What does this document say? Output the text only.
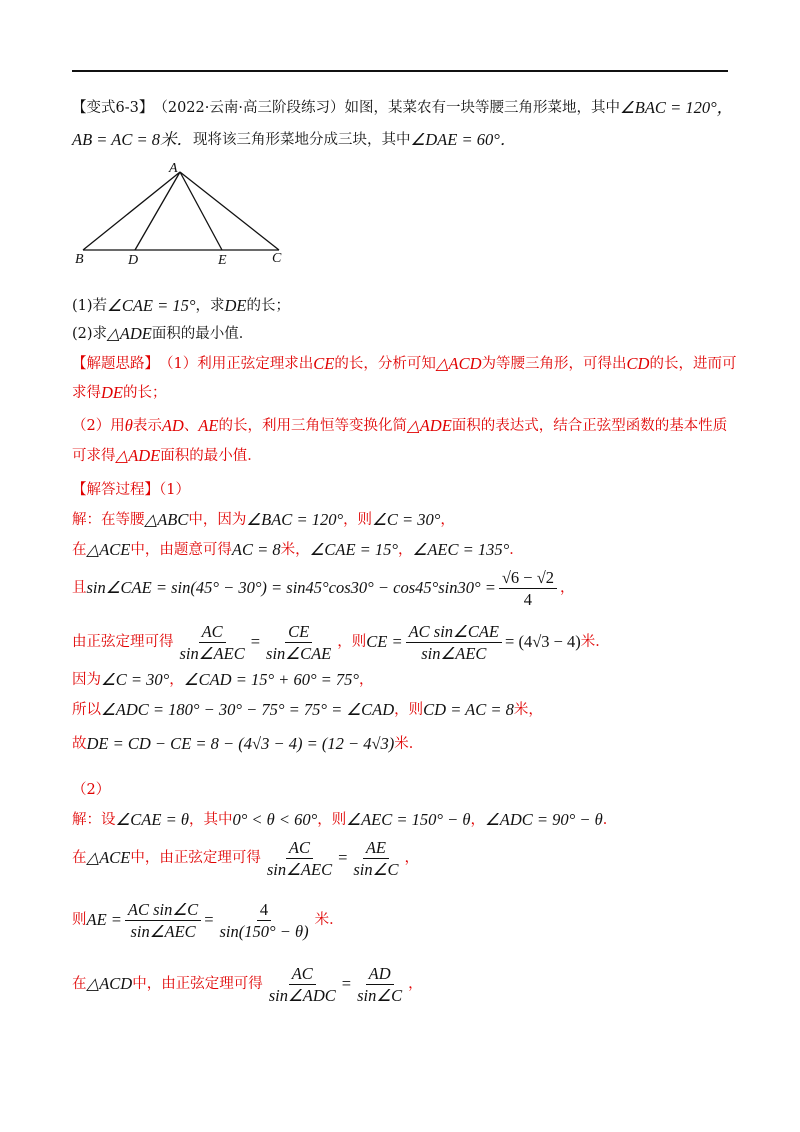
【变式6-3】 （2022·云南·高三阶段练习） 如图，某菜农有一块等腰三角形菜地，其中 ∠BAC = 120°，
AB = AC = 8米． 现将该三角形菜地分成三块，其中 ∠DAE = 60°．
A
B	D	E	C
(1)若 ∠CAE = 15° ，求 DE 的长；
(2)求 △ADE 面积的最小值．
【解题思路】 （1）利用正弦定理求出 CE 的长，分析可知 △ACD 为等腰三角形，可得出 CD 的长，进而可
求得 DE 的长；
（2）用 θ 表示 AD 、 AE 的长，利用三角恒等变换化简 △ADE 面积的表达式，结合正弦型函数的基本性质
可求得 △ADE 面积的最小值．
【解答过程】（1）
解：在等腰 △ABC 中，因为 ∠BAC = 120° ，则 ∠C = 30° ，
在 △ACE 中，由题意可得 AC = 8 米， ∠CAE = 15° ， ∠AEC = 135° ．
且 sin∠CAE = $\sin(45^\circ - 30^\circ) = \sin 45^\circ\cos 30^\circ - \cos 45^\circ\sin 30^\circ = \frac{√6 - √2}{4}$ ，
由正弦定理可得 $\frac{AC}{\text{sin∠AEC}} = \frac{CE}{\text{sin∠CAE}}$ ，则 CE = $\frac{\text{AC sin∠CAE}}{\text{sin∠AEC}} = (4√3 - 4)$ 米．
因为 ∠C = 30° ， ∠CAD = 15° + 60° = 75° ，
所以 ∠ADC = 180° − 30° − 75° = 75° = ∠CAD ，则 CD = AC = 8 米，
故 DE = CD − CE = 8 − (4√3 − 4) = (12 − 4√3) 米．
（2）
解：设 ∠CAE = θ ，其中 0° < θ < 60° ，则 ∠AEC = 150° − θ ， ∠ADC = 90° − θ ．
在 △ACE 中，由正弦定理可得 $\frac{AC}{\text{sin∠AEC}} = \frac{AE}{\sin\angle C}$ ，
则 AE = $\frac{\text{AC sin∠C}}{\text{sin∠AEC}} = \frac{4}{\sin(150^\circ - \theta)}$ 米．
在 △ACD 中，由正弦定理可得 $\frac{AC}{\text{sin∠ADC}} = \frac{AD}{\sin\angle C}$ ，
